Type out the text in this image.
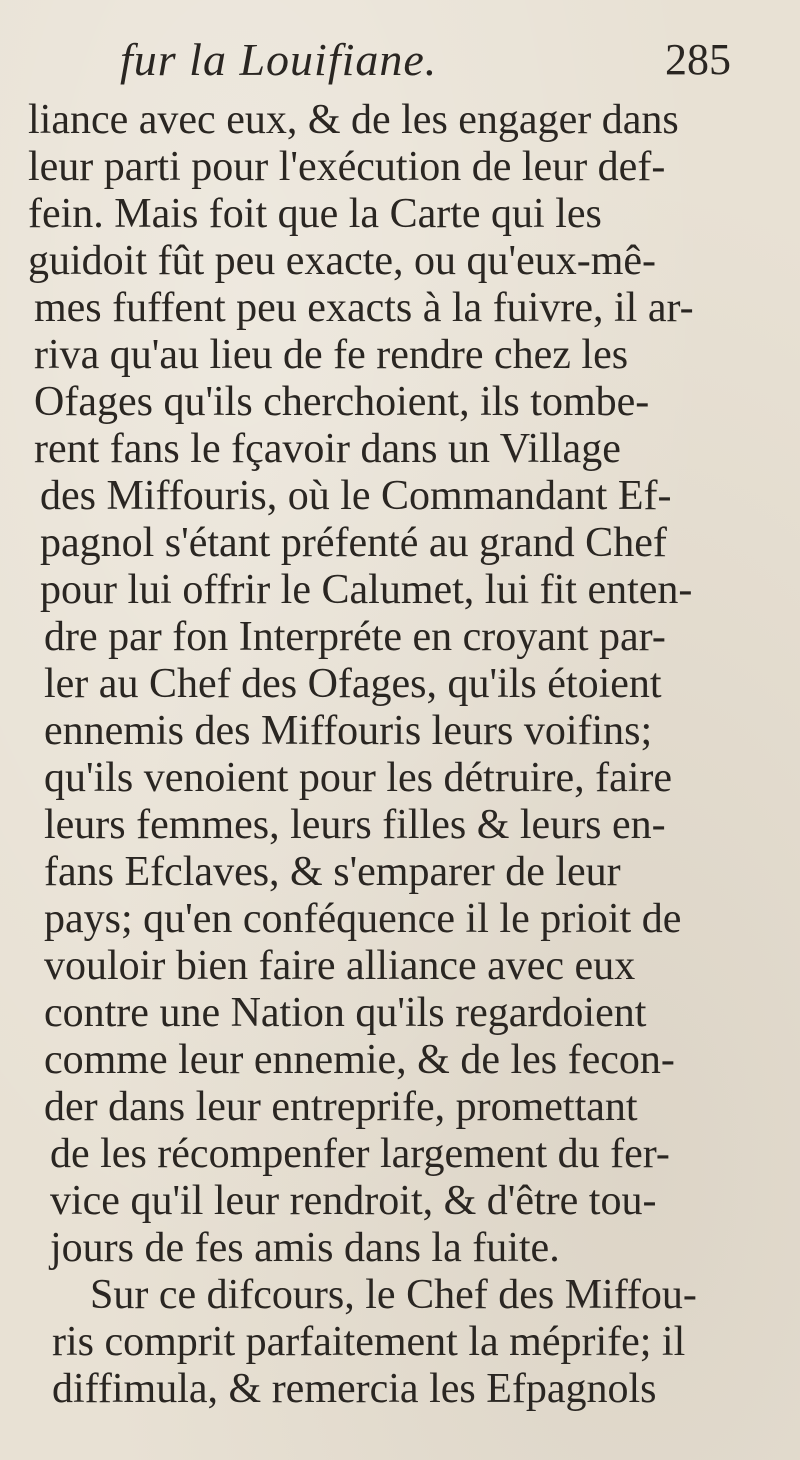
fur la Louifiane.	285
liance avec eux, & de les engager dans
leur parti pour l'exécution de leur def-
fein. Mais foit que la Carte qui les
guidoit fût peu exacte, ou qu'eux-mê-
mes fuffent peu exacts à la fuivre, il ar-
riva qu'au lieu de fe rendre chez les
Ofages qu'ils cherchoient, ils tombe-
rent fans le fçavoir dans un Village
des Miffouris, où le Commandant Ef-
pagnol s'étant préfenté au grand Chef
pour lui offrir le Calumet, lui fit enten-
dre par fon Interpréte en croyant par-
ler au Chef des Ofages, qu'ils étoient
ennemis des Miffouris leurs voifins;
qu'ils venoient pour les détruire, faire
leurs femmes, leurs filles & leurs en-
fans Efclaves, & s'emparer de leur
pays; qu'en conféquence il le prioit de
vouloir bien faire alliance avec eux
contre une Nation qu'ils regardoient
comme leur ennemie, & de les fecon-
der dans leur entreprife, promettant
de les récompenfer largement du fer-
vice qu'il leur rendroit, & d'être tou-
jours de fes amis dans la fuite.
Sur ce difcours, le Chef des Miffou-
ris comprit parfaitement la méprife; il
diffimula, & remercia les Efpagnols
